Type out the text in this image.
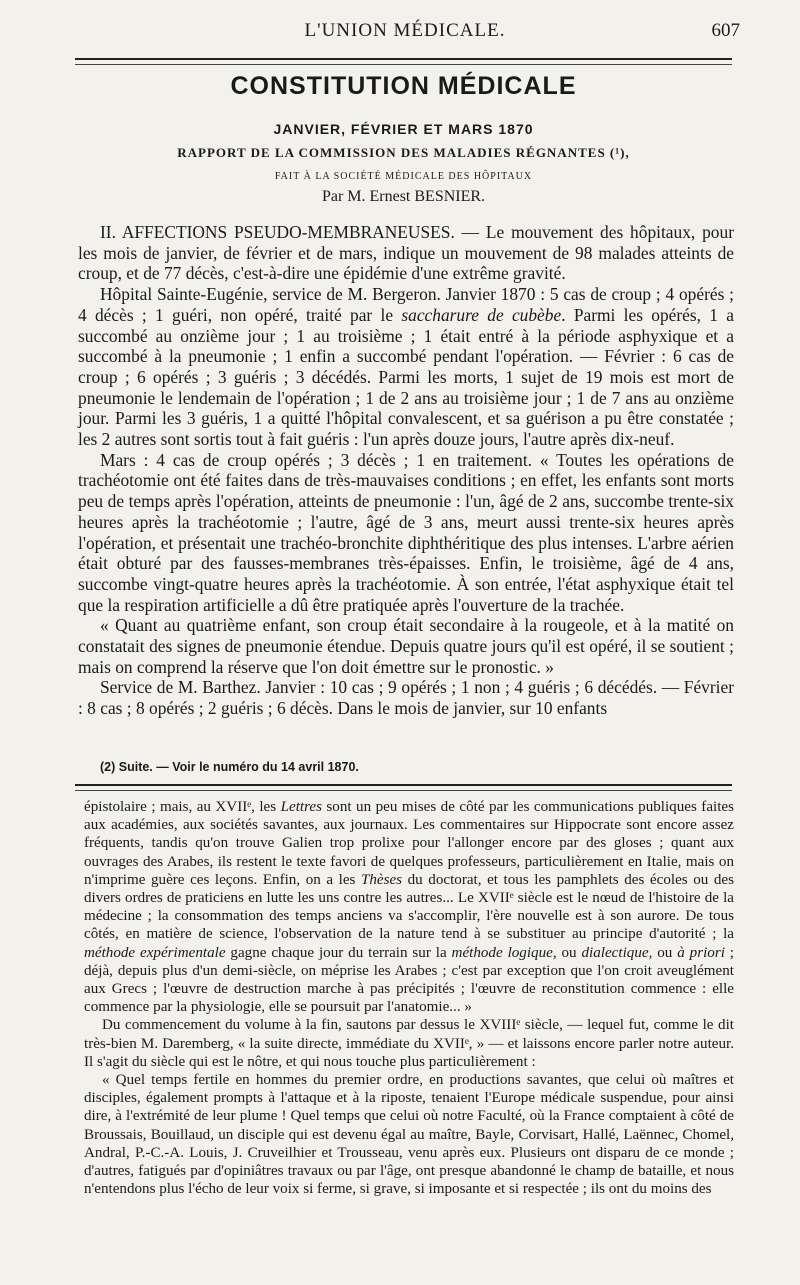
L'UNION MÉDICALE.	607
CONSTITUTION MÉDICALE
JANVIER, FÉVRIER ET MARS 1870
RAPPORT DE LA COMMISSION DES MALADIES RÉGNANTES (¹),
FAIT À LA SOCIÉTÉ MÉDICALE DES HÔPITAUX
Par M. Ernest BESNIER.

II. AFFECTIONS PSEUDO-MEMBRANEUSES. — Le mouvement des hôpitaux, pour les mois de janvier, de février et de mars, indique un mouvement de 98 malades atteints de croup, et de 77 décès, c'est-à-dire une épidémie d'une extrême gravité.

Hôpital Sainte-Eugénie, service de M. Bergeron. Janvier 1870 : 5 cas de croup ; 4 opérés ; 4 décès ; 1 guéri, non opéré, traité par le saccharure de cubèbe. Parmi les opérés, 1 a succombé au onzième jour ; 1 au troisième ; 1 était entré à la période asphyxique et a succombé à la pneumonie ; 1 enfin a succombé pendant l'opération. — Février : 6 cas de croup ; 6 opérés ; 3 guéris ; 3 décédés. Parmi les morts, 1 sujet de 19 mois est mort de pneumonie le lendemain de l'opération ; 1 de 2 ans au troisième jour ; 1 de 7 ans au onzième jour. Parmi les 3 guéris, 1 a quitté l'hôpital convalescent, et sa guérison a pu être constatée ; les 2 autres sont sortis tout à fait guéris : l'un après douze jours, l'autre après dix-neuf.

Mars : 4 cas de croup opérés ; 3 décès ; 1 en traitement. « Toutes les opérations de trachéotomie ont été faites dans de très-mauvaises conditions ; en effet, les enfants sont morts peu de temps après l'opération, atteints de pneumonie : l'un, âgé de 2 ans, succombe trente-six heures après la trachéotomie ; l'autre, âgé de 3 ans, meurt aussi trente-six heures après l'opération, et présentait une trachéo-bronchite diphthéritique des plus intenses. L'arbre aérien était obturé par des fausses-membranes très-épaisses. Enfin, le troisième, âgé de 4 ans, succombe vingt-quatre heures après la trachéotomie. À son entrée, l'état asphyxique était tel que la respiration artificielle a dû être pratiquée après l'ouverture de la trachée.

« Quant au quatrième enfant, son croup était secondaire à la rougeole, et à la matité on constatait des signes de pneumonie étendue. Depuis quatre jours qu'il est opéré, il se soutient ; mais on comprend la réserve que l'on doit émettre sur le pronostic. »

Service de M. Barthez. Janvier : 10 cas ; 9 opérés ; 1 non ; 4 guéris ; 6 décédés. — Février : 8 cas ; 8 opérés ; 2 guéris ; 6 décès. Dans le mois de janvier, sur 10 enfants

(2) Suite. — Voir le numéro du 14 avril 1870.

épistolaire ; mais, au XVIIᵉ, les Lettres sont un peu mises de côté par les communications publiques faites aux académies, aux sociétés savantes, aux journaux. Les commentaires sur Hippocrate sont encore assez fréquents, tandis qu'on trouve Galien trop prolixe pour l'allonger encore par des gloses ; quant aux ouvrages des Arabes, ils restent le texte favori de quelques professeurs, particulièrement en Italie, mais on n'imprime guère ces leçons. Enfin, on a les Thèses du doctorat, et tous les pamphlets des écoles ou des divers ordres de praticiens en lutte les uns contre les autres... Le XVIIᵉ siècle est le nœud de l'histoire de la médecine ; la consommation des temps anciens va s'accomplir, l'ère nouvelle est à son aurore. De tous côtés, en matière de science, l'observation de la nature tend à se substituer au principe d'autorité ; la méthode expérimentale gagne chaque jour du terrain sur la méthode logique, ou dialectique, ou à priori ; déjà, depuis plus d'un demi-siècle, on méprise les Arabes ; c'est par exception que l'on croit aveuglément aux Grecs ; l'œuvre de destruction marche à pas précipités ; l'œuvre de reconstitution commence : elle commence par la physiologie, elle se poursuit par l'anatomie... »

Du commencement du volume à la fin, sautons par dessus le XVIIIᵉ siècle, — lequel fut, comme le dit très-bien M. Daremberg, « la suite directe, immédiate du XVIIᵉ, » — et laissons encore parler notre auteur. Il s'agit du siècle qui est le nôtre, et qui nous touche plus particulièrement :

« Quel temps fertile en hommes du premier ordre, en productions savantes, que celui où maîtres et disciples, également prompts à l'attaque et à la riposte, tenaient l'Europe médicale suspendue, pour ainsi dire, à l'extrémité de leur plume ! Quel temps que celui où notre Faculté, où la France comptaient à côté de Broussais, Bouillaud, un disciple qui est devenu égal au maître, Bayle, Corvisart, Hallé, Laënnec, Chomel, Andral, P.-C.-A. Louis, J. Cruveilhier et Trousseau, venu après eux. Plusieurs ont disparu de ce monde ; d'autres, fatigués par d'opiniâtres travaux ou par l'âge, ont presque abandonné le champ de bataille, et nous n'entendons plus l'écho de leur voix si ferme, si grave, si imposante et si respectée ; ils ont du moins des
